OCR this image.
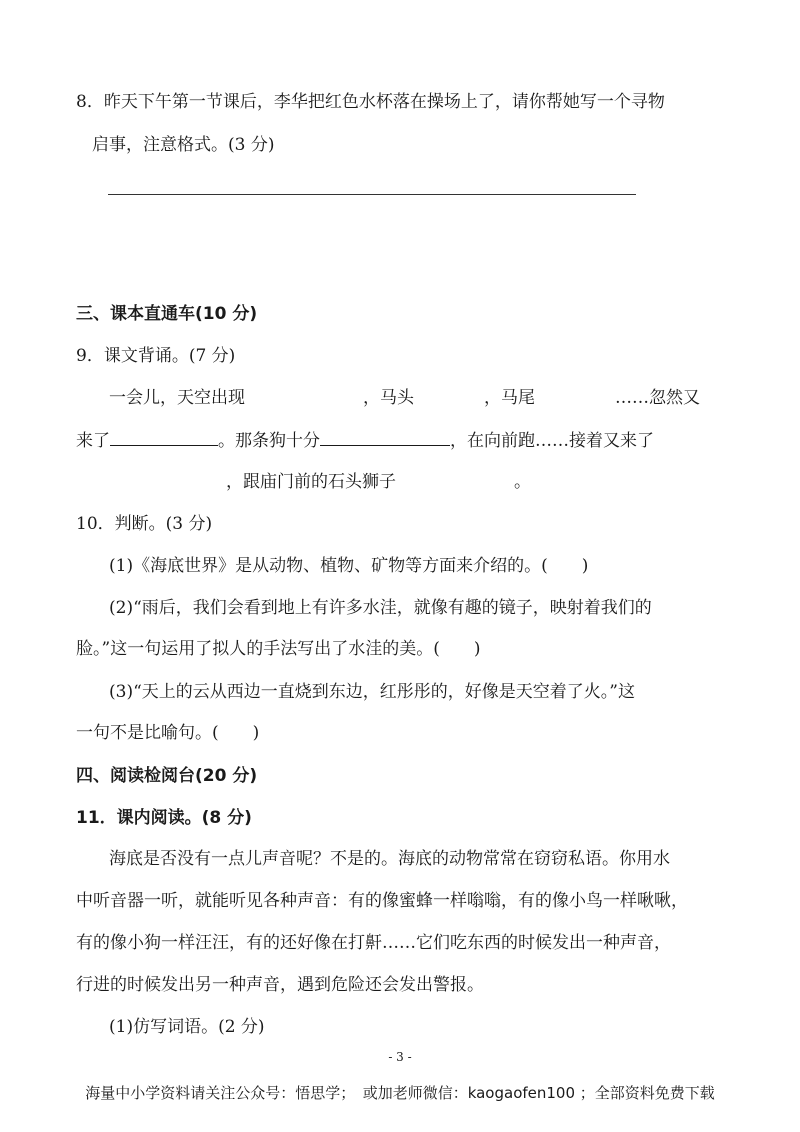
8．昨天下午第一节课后，李华把红色水杯落在操场上了，请你帮她写一个寻物
启事，注意格式。(3 分)
三、课本直通车(10 分)
9．课文背诵。(7 分)
一会儿，天空出现	，马头	，马尾	……忽然又
来了	。那条狗十分	，在向前跑……接着又来了
，跟庙门前的石头狮子	。
10．判断。(3 分)
(1)《海底世界》是从动物、植物、矿物等方面来介绍的。(　　)
(2)“雨后，我们会看到地上有许多水洼，就像有趣的镜子，映射着我们的
脸。”这一句运用了拟人的手法写出了水洼的美。(　　)
(3)“天上的云从西边一直烧到东边，红彤彤的，好像是天空着了火。”这
一句不是比喻句。(　　)
四、阅读检阅台(20 分)
11．课内阅读。(8 分)
海底是否没有一点儿声音呢？不是的。海底的动物常常在窃窃私语。你用水
中听音器一听，就能听见各种声音：有的像蜜蜂一样嗡嗡，有的像小鸟一样啾啾，
有的像小狗一样汪汪，有的还好像在打鼾……它们吃东西的时候发出一种声音，
行进的时候发出另一种声音，遇到危险还会发出警报。
(1)仿写词语。(2 分)
- 3 -
海量中小学资料请关注公众号：悟思学；　或加老师微信：kaogaofen100 ；全部资料免费下载
